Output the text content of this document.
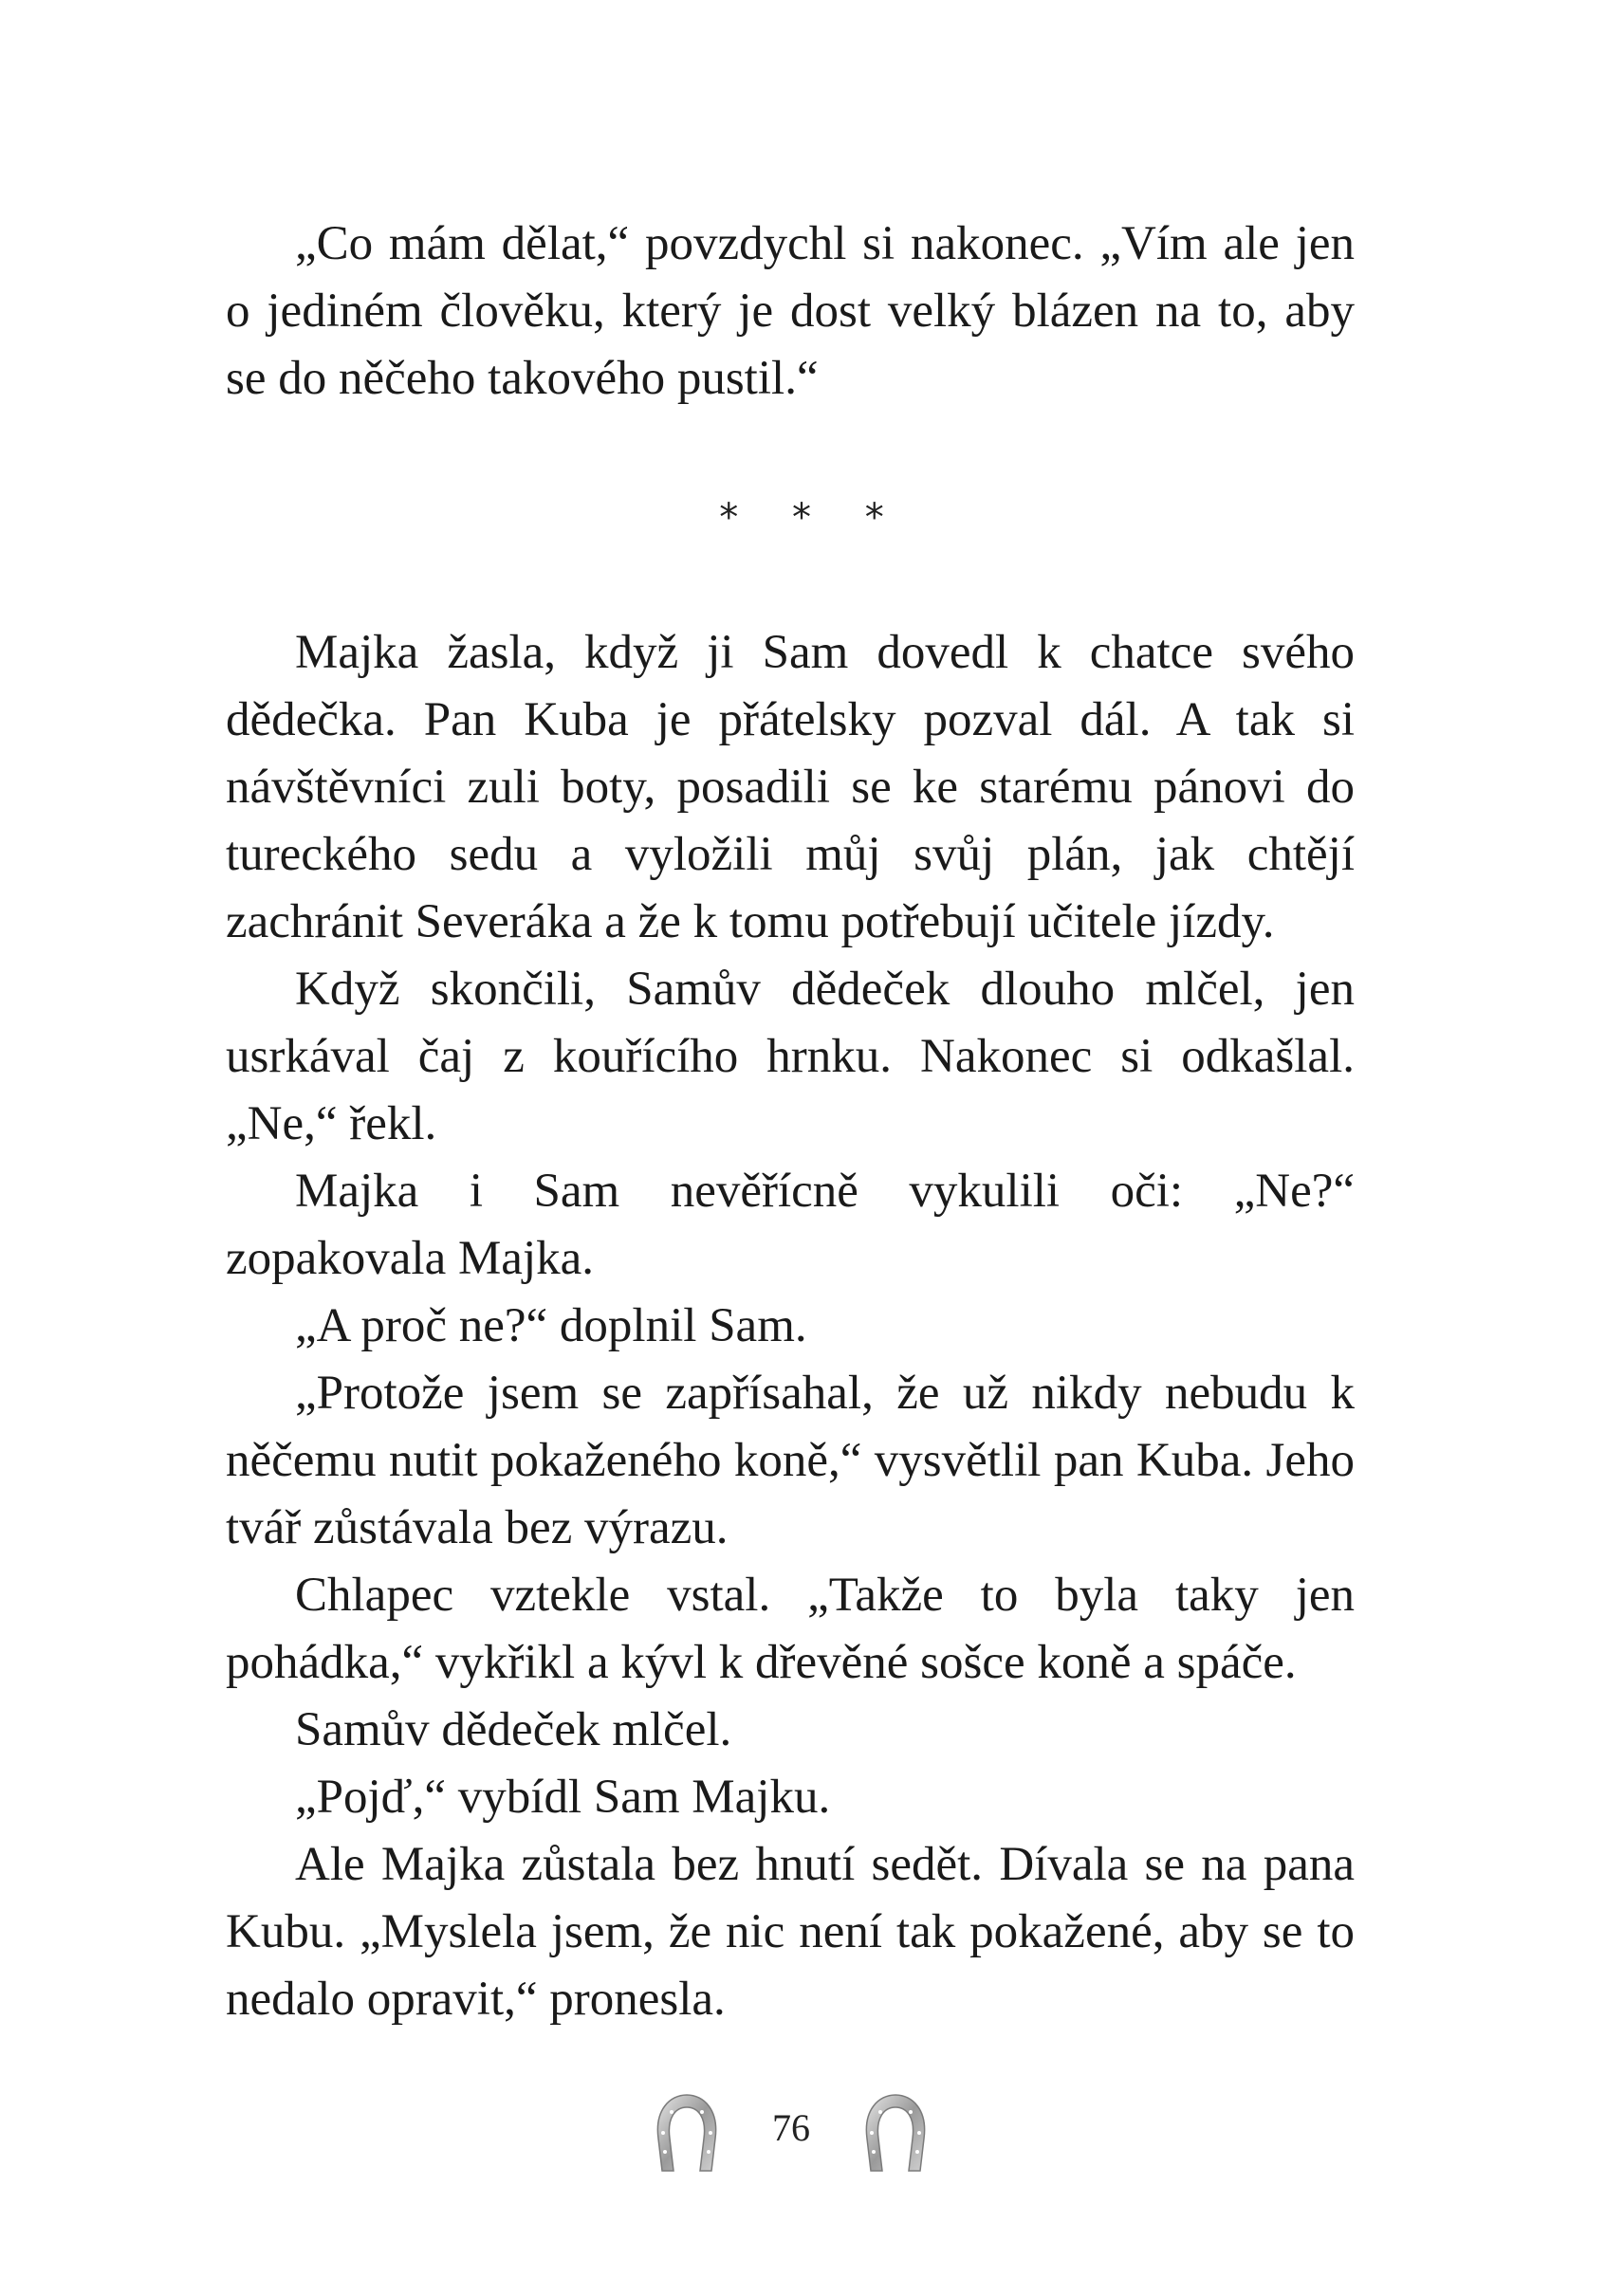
„Co mám dělat,“ povzdychl si nakonec. „Vím ale jen o jediném člověku, který je dost velký blázen na to, aby se do něčeho takového pustil.“

* * *

Majka žasla, když ji Sam dovedl k chatce svého dědečka. Pan Kuba je přátelsky pozval dál. A tak si návštěvníci zuli boty, posadili se ke starému pánovi do tureckého sedu a vyložili můj svůj plán, jak chtějí zachránit Severáka a že k tomu potřebují učitele jízdy.

Když skončili, Samův dědeček dlouho mlčel, jen usrkával čaj z kouřícího hrnku. Nakonec si odkašlal. „Ne,“ řekl.

Majka i Sam nevěřícně vykulili oči: „Ne?“ zopakovala Majka.

„A proč ne?“ doplnil Sam.

„Protože jsem se zapřísahal, že už nikdy nebudu k něčemu nutit pokaženého koně,“ vysvětlil pan Kuba. Jeho tvář zůstávala bez výrazu.

Chlapec vztekle vstal. „Takže to byla taky jen pohádka,“ vykřikl a kývl k dřevěné sošce koně a spáče.

Samův dědeček mlčel.

„Pojď,“ vybídl Sam Majku.

Ale Majka zůstala bez hnutí sedět. Dívala se na pana Kubu. „Myslela jsem, že nic není tak pokažené, aby se to nedalo opravit,“ pronesla.

76
